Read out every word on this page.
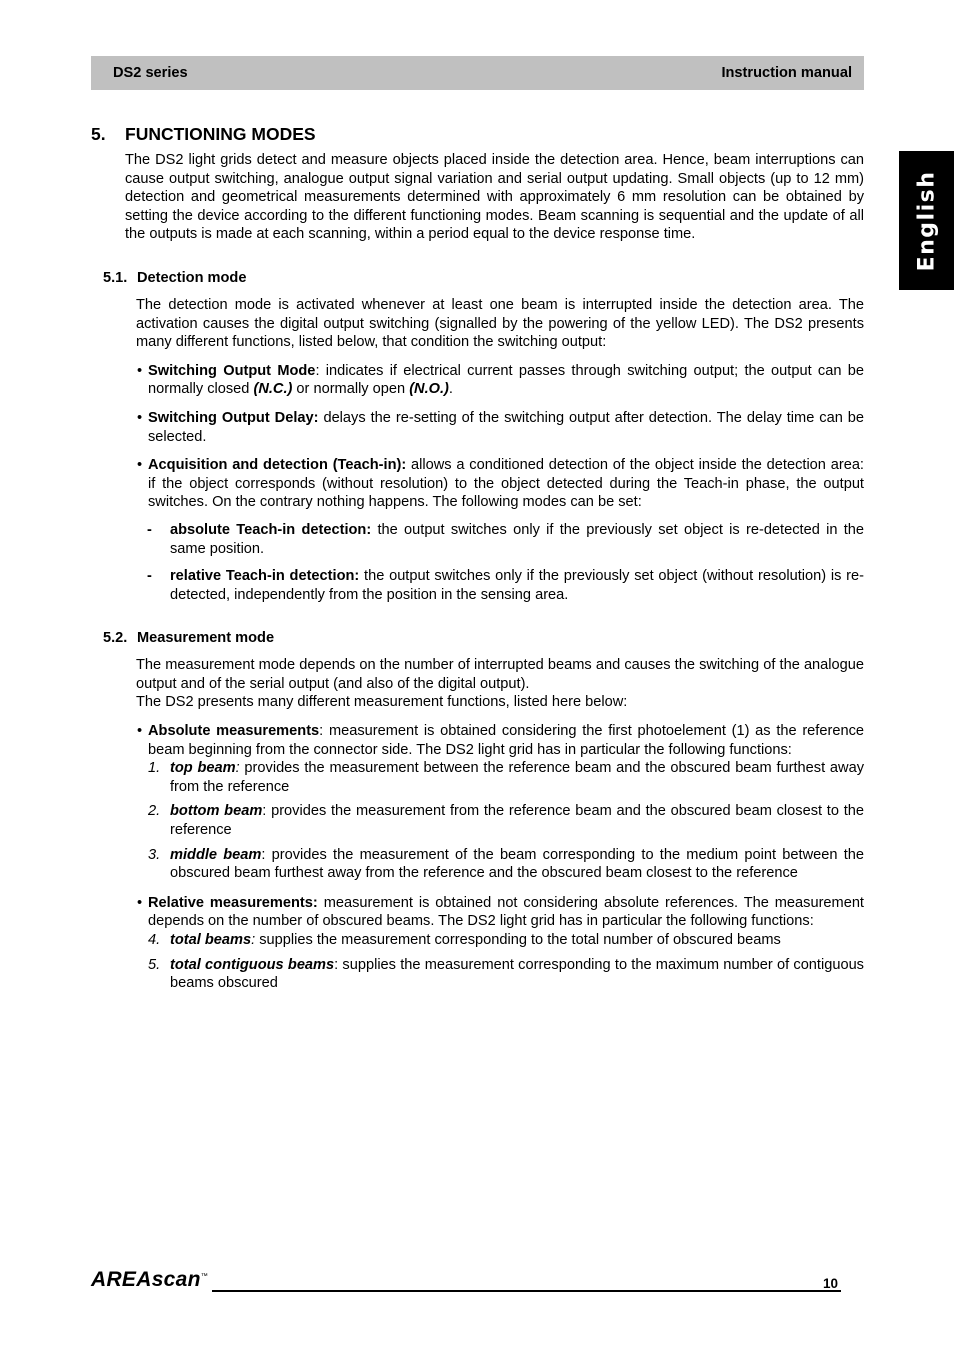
DS2 series	Instruction manual
English
5. FUNCTIONING MODES

The DS2 light grids detect and measure objects placed inside the detection area. Hence, beam interruptions can cause output switching, analogue output signal variation and serial output updating. Small objects (up to 12 mm) detection and geometrical measurements determined with approximately 6 mm resolution can be obtained by setting the device according to the different functioning modes. Beam scanning is sequential and the update of all the outputs is made at each scanning, within a period equal to the device response time.

5.1. Detection mode

The detection mode is activated whenever at least one beam is interrupted inside the detection area. The activation causes the digital output switching (signalled by the powering of the yellow LED). The DS2 presents many different functions, listed below, that condition the switching output:

• Switching Output Mode: indicates if electrical current passes through switching output; the output can be normally closed (N.C.) or normally open (N.O.).

• Switching Output Delay: delays the re-setting of the switching output after detection. The delay time can be selected.

• Acquisition and detection (Teach-in): allows a conditioned detection of the object inside the detection area: if the object corresponds (without resolution) to the object detected during the Teach-in phase, the output switches. On the contrary nothing happens. The following modes can be set:

- absolute Teach-in detection: the output switches only if the previously set object is re-detected in the same position.

- relative Teach-in detection: the output switches only if the previously set object (without resolution) is re-detected, independently from the position in the sensing area.

5.2. Measurement mode

The measurement mode depends on the number of interrupted beams and causes the switching of the analogue output and of the serial output (and also of the digital output).

The DS2 presents many different measurement functions, listed here below:

• Absolute measurements: measurement is obtained considering the first photoelement (1) as the reference beam beginning from the connector side. The DS2 light grid has in particular the following functions:

1. top beam: provides the measurement between the reference beam and the obscured beam furthest away from the reference

2. bottom beam: provides the measurement from the reference beam and the obscured beam closest to the reference

3. middle beam: provides the measurement of the beam corresponding to the medium point between the obscured beam furthest away from the reference and the obscured beam closest to the reference

• Relative measurements: measurement is obtained not considering absolute references. The measurement depends on the number of obscured beams. The DS2 light grid has in particular the following functions:

4. total beams: supplies the measurement corresponding to the total number of obscured beams

5. total contiguous beams: supplies the measurement corresponding to the maximum number of contiguous beams obscured

AREAscan™	10
